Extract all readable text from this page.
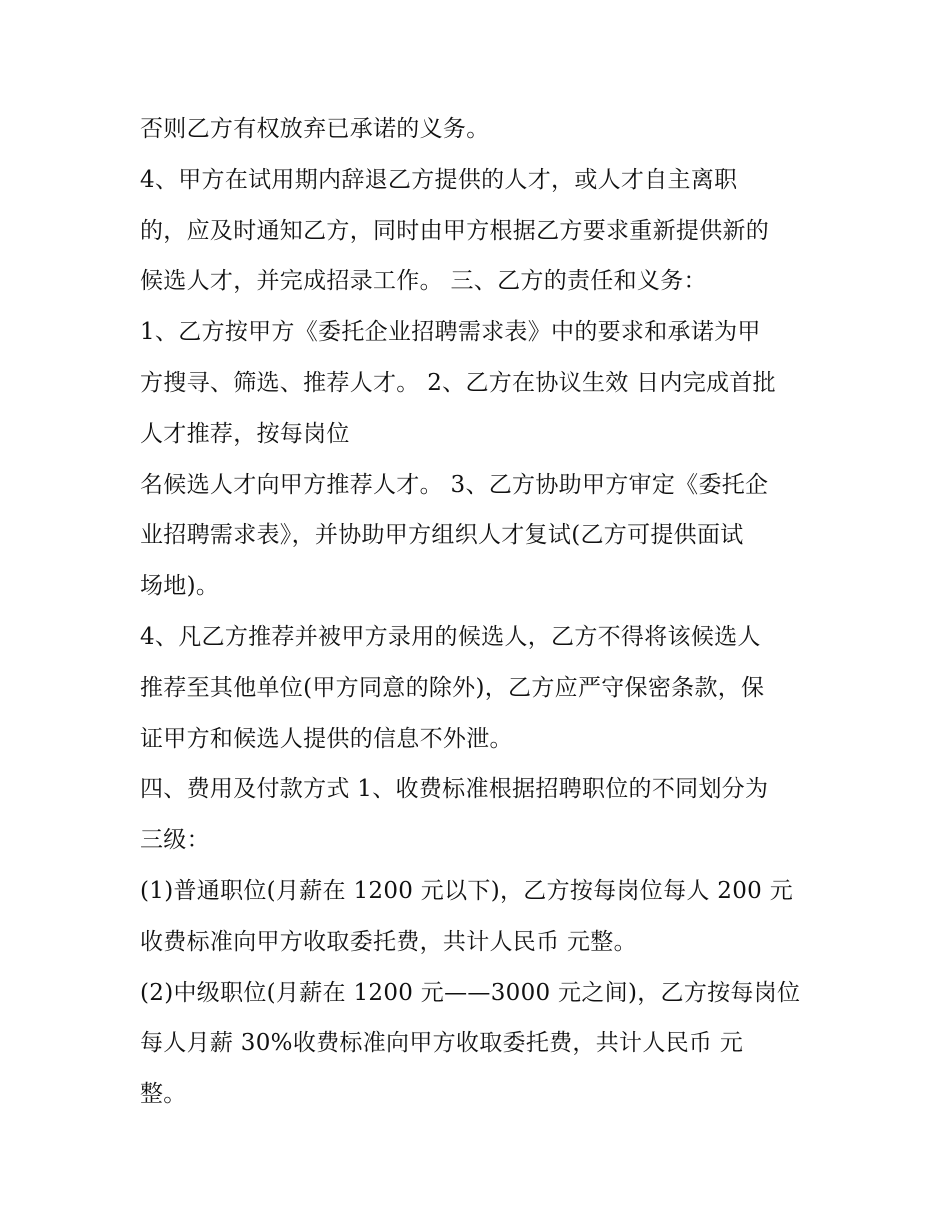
否则乙方有权放弃已承诺的义务。
4、甲方在试用期内辞退乙方提供的人才，或人才自主离职
的，应及时通知乙方，同时由甲方根据乙方要求重新提供新的
候选人才，并完成招录工作。 三、乙方的责任和义务：
1、乙方按甲方《委托企业招聘需求表》中的要求和承诺为甲
方搜寻、筛选、推荐人才。 2、乙方在协议生效 日内完成首批
人才推荐，按每岗位
名候选人才向甲方推荐人才。 3、乙方协助甲方审定《委托企
业招聘需求表》，并协助甲方组织人才复试(乙方可提供面试
场地)。
4、凡乙方推荐并被甲方录用的候选人，乙方不得将该候选人
推荐至其他单位(甲方同意的除外)，乙方应严守保密条款，保
证甲方和候选人提供的信息不外泄。
四、费用及付款方式 1、收费标准根据招聘职位的不同划分为
三级：
(1)普通职位(月薪在 1200 元以下)，乙方按每岗位每人 200 元
收费标准向甲方收取委托费，共计人民币 元整。
(2)中级职位(月薪在 1200 元——3000 元之间)，乙方按每岗位
每人月薪 30%收费标准向甲方收取委托费，共计人民币 元
整。
